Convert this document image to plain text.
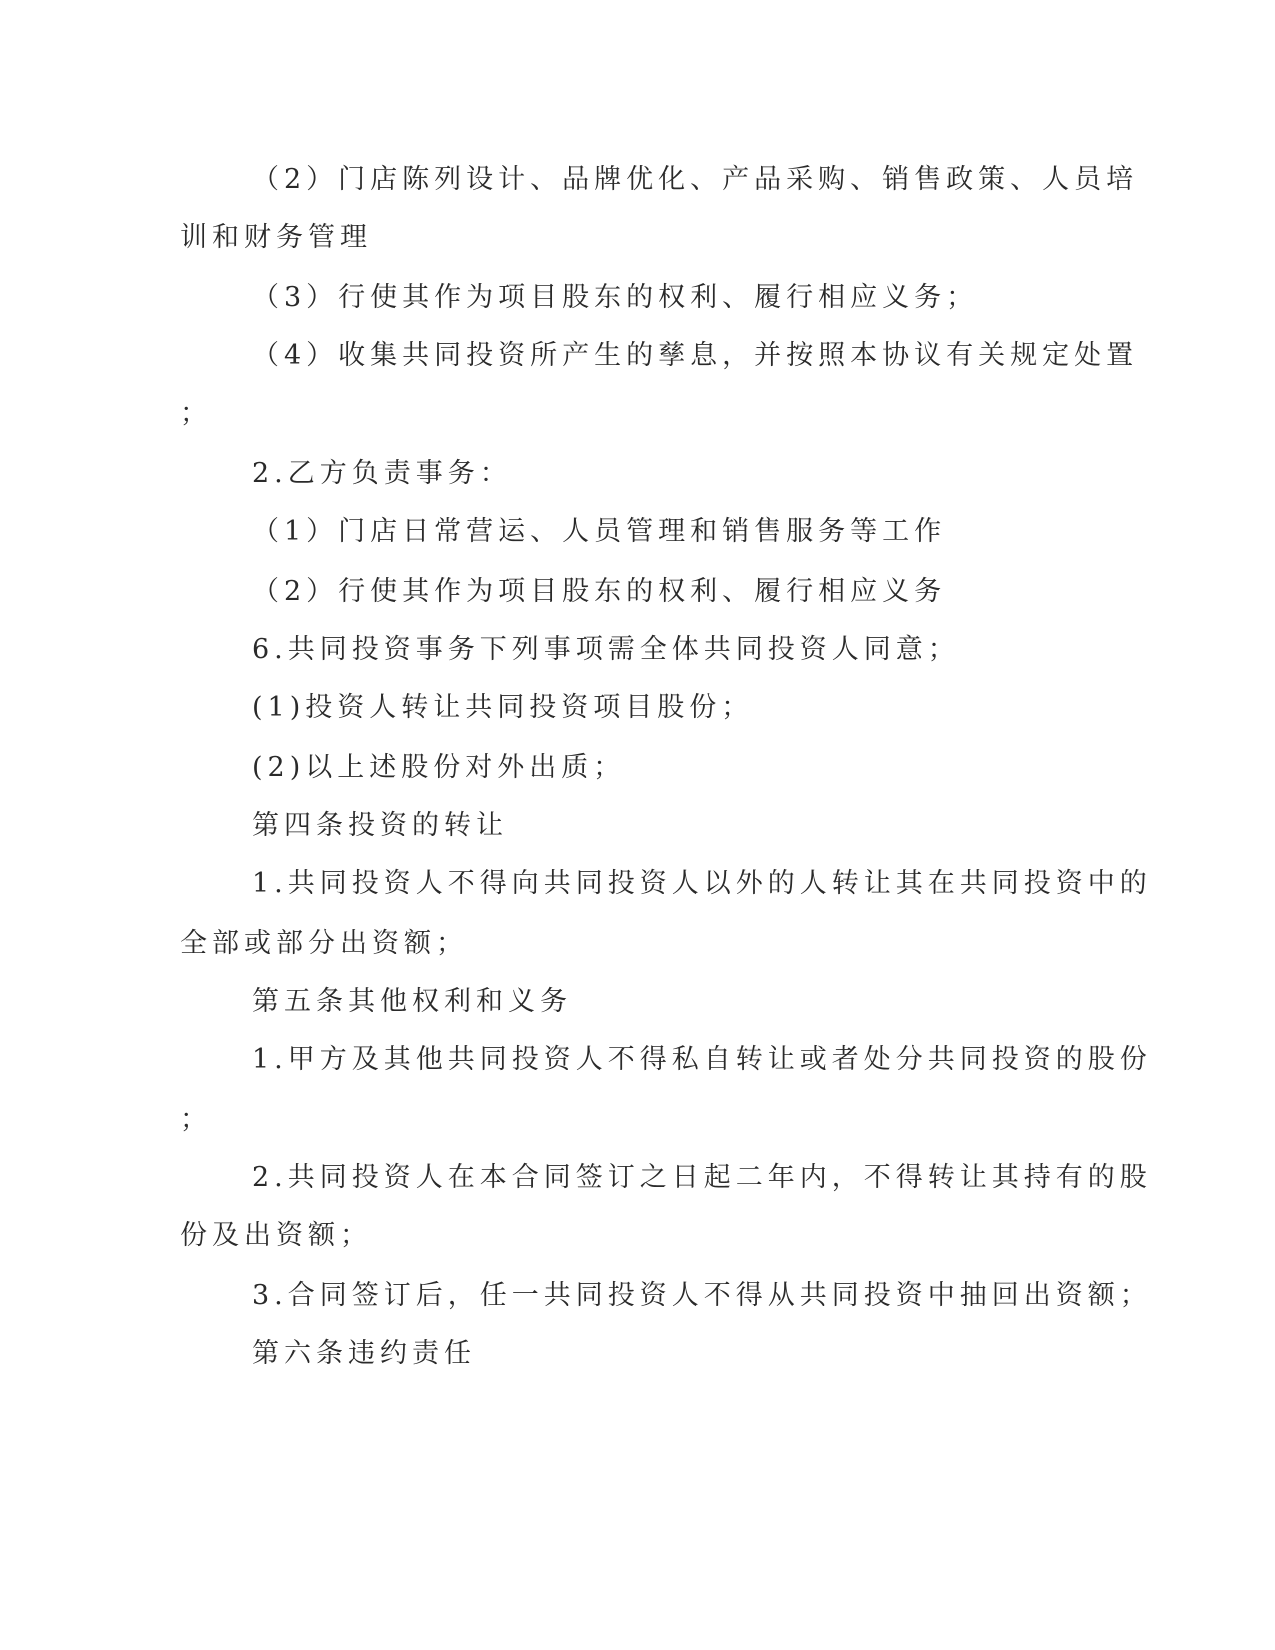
（2）门店陈列设计、品牌优化、产品采购、销售政策、人员培

训和财务管理

（3）行使其作为项目股东的权利、履行相应义务；

（4）收集共同投资所产生的孳息，并按照本协议有关规定处置

；

2.乙方负责事务：

（1）门店日常营运、人员管理和销售服务等工作

（2）行使其作为项目股东的权利、履行相应义务

6.共同投资事务下列事项需全体共同投资人同意；

(1)投资人转让共同投资项目股份；

(2)以上述股份对外出质；

第四条投资的转让

1.共同投资人不得向共同投资人以外的人转让其在共同投资中的

全部或部分出资额；

第五条其他权利和义务

1.甲方及其他共同投资人不得私自转让或者处分共同投资的股份

；

2.共同投资人在本合同签订之日起二年内，不得转让其持有的股

份及出资额；

3.合同签订后，任一共同投资人不得从共同投资中抽回出资额；

第六条违约责任
